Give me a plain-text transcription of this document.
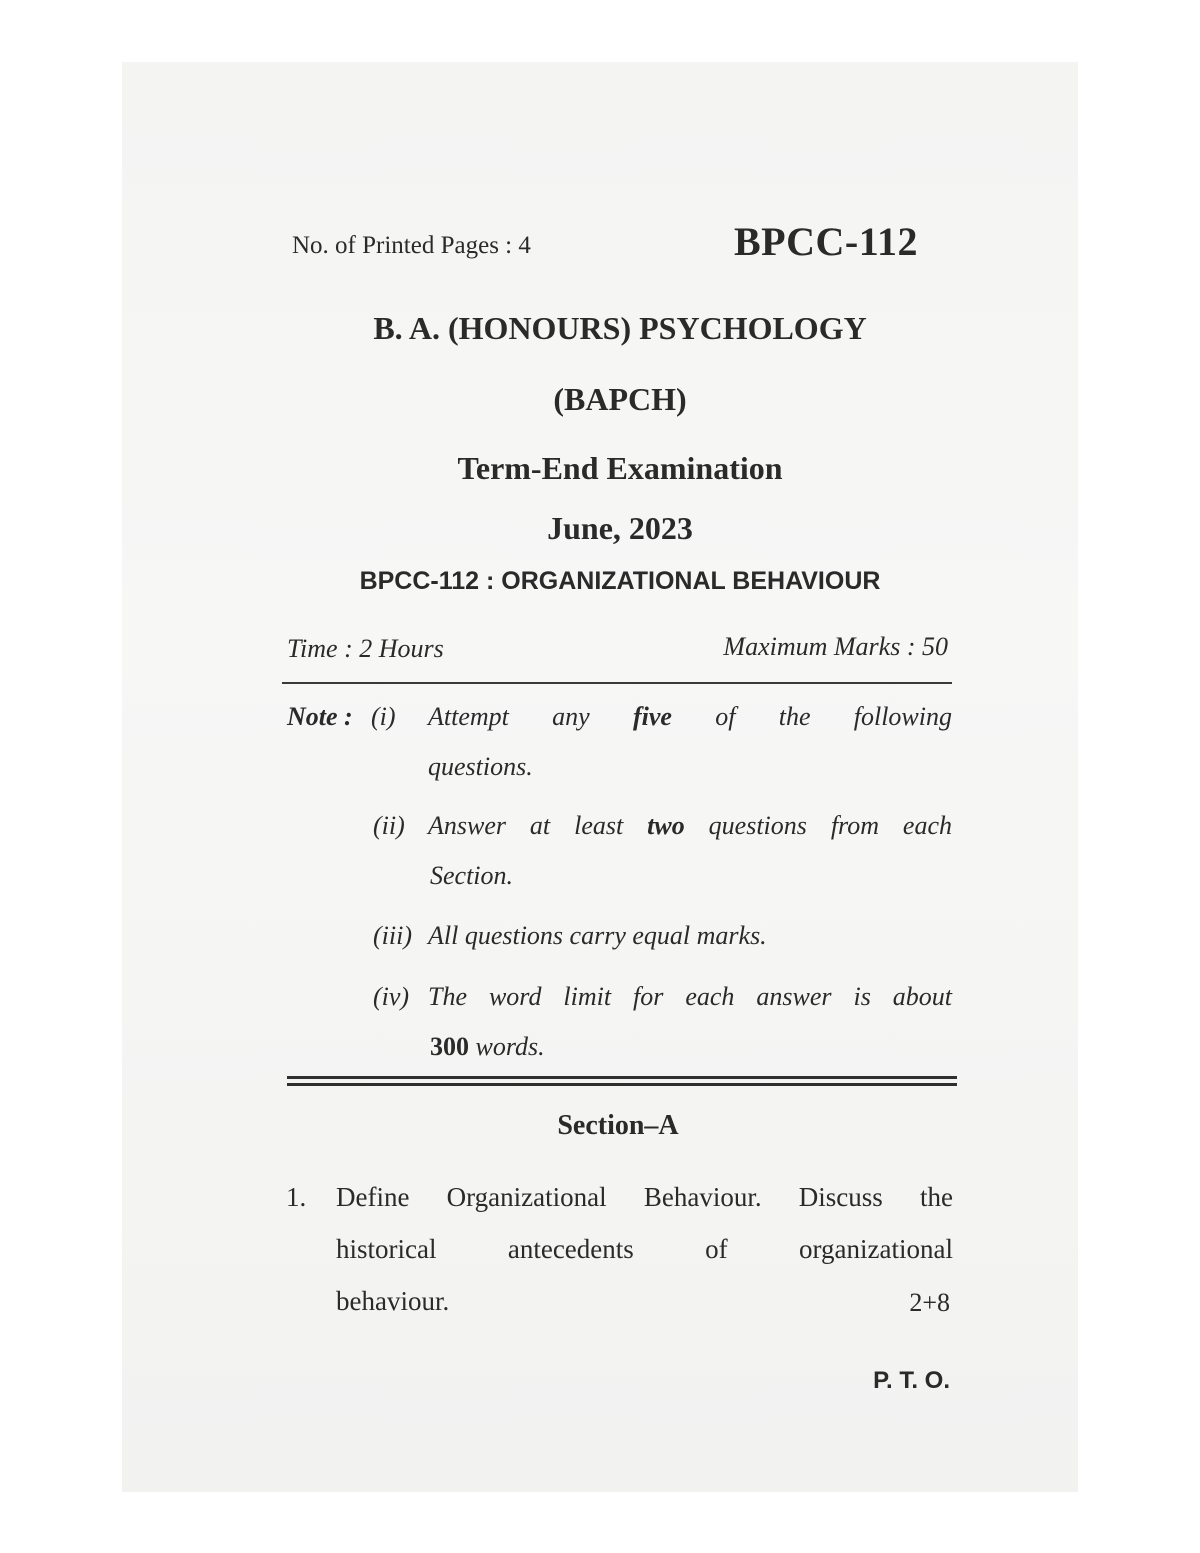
No. of Printed Pages : 4	BPCC-112
B. A. (HONOURS) PSYCHOLOGY
(BAPCH)
Term-End Examination
June, 2023
BPCC-112 : ORGANIZATIONAL BEHAVIOUR
Time : 2 Hours	Maximum Marks : 50
Note : (i) Attempt any five of the following
questions.
(ii) Answer at least two questions from each
Section.
(iii) All questions carry equal marks.
(iv) The word limit for each answer is about
300 words.
Section–A
1. Define Organizational Behaviour. Discuss the
historical antecedents of organizational
behaviour.	2+8
P. T. O.
